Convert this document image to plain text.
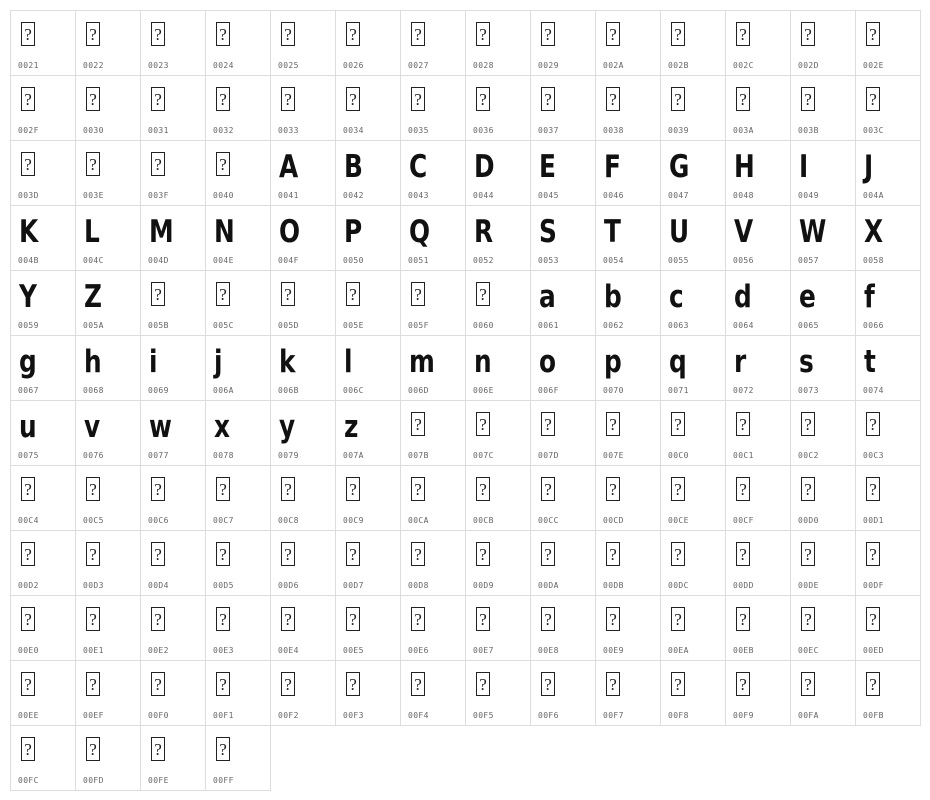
?
0021
?
0022
?
0023
?
0024
?
0025
?
0026
?
0027
?
0028
?
0029
?
002A
?
002B
?
002C
?
002D
?
002E
?
002F
?
0030
?
0031
?
0032
?
0033
?
0034
?
0035
?
0036
?
0037
?
0038
?
0039
?
003A
?
003B
?
003C
?
003D
?
003E
?
003F
?
0040
A
0041
B
0042
C
0043
D
0044
E
0045
F
0046
G
0047
H
0048
I
0049
J
004A
K
004B
L
004C
M
004D
N
004E
O
004F
P
0050
Q
0051
R
0052
S
0053
T
0054
U
0055
V
0056
W
0057
X
0058
Y
0059
Z
005A
?
005B
?
005C
?
005D
?
005E
?
005F
?
0060
a
0061
b
0062
c
0063
d
0064
e
0065
f
0066
g
0067
h
0068
i
0069
j
006A
k
006B
l
006C
m
006D
n
006E
o
006F
p
0070
q
0071
r
0072
s
0073
t
0074
u
0075
v
0076
w
0077
x
0078
y
0079
z
007A
?
007B
?
007C
?
007D
?
007E
?
00C0
?
00C1
?
00C2
?
00C3
?
00C4
?
00C5
?
00C6
?
00C7
?
00C8
?
00C9
?
00CA
?
00CB
?
00CC
?
00CD
?
00CE
?
00CF
?
00D0
?
00D1
?
00D2
?
00D3
?
00D4
?
00D5
?
00D6
?
00D7
?
00D8
?
00D9
?
00DA
?
00DB
?
00DC
?
00DD
?
00DE
?
00DF
?
00E0
?
00E1
?
00E2
?
00E3
?
00E4
?
00E5
?
00E6
?
00E7
?
00E8
?
00E9
?
00EA
?
00EB
?
00EC
?
00ED
?
00EE
?
00EF
?
00F0
?
00F1
?
00F2
?
00F3
?
00F4
?
00F5
?
00F6
?
00F7
?
00F8
?
00F9
?
00FA
?
00FB
?
00FC
?
00FD
?
00FE
?
00FF
